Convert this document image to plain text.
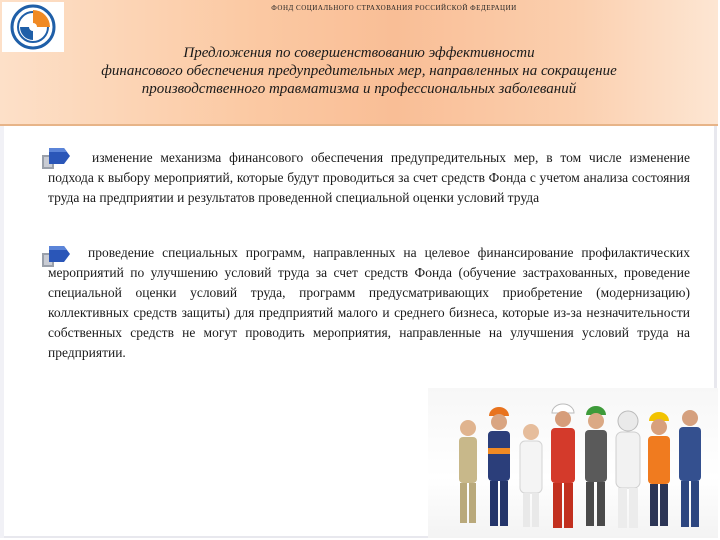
ФОНД СОЦИАЛЬНОГО СТРАХОВАНИЯ РОССИЙСКОЙ ФЕДЕРАЦИИ
Предложения по совершенствованию эффективности
финансового обеспечения предупредительных мер, направленных на сокращение
производственного травматизма и профессиональных заболеваний

изменение механизма финансового обеспечения предупредительных мер, в том числе изменение подхода к выбору мероприятий, которые будут проводиться за счет средств Фонда с учетом анализа состояния труда на предприятии и результатов проведенной специальной оценки условий труда

проведение специальных программ, направленных на целевое финансирование профилактических мероприятий по улучшению условий труда за счет средств Фонда (обучение застрахованных, проведение специальной оценки условий труда, программ предусматривающих приобретение (модернизацию) коллективных средств защиты) для предприятий малого и среднего бизнеса, которые из-за незначительности собственных средств не могут проводить мероприятия, направленные на улучшения условий труда на предприятии.
